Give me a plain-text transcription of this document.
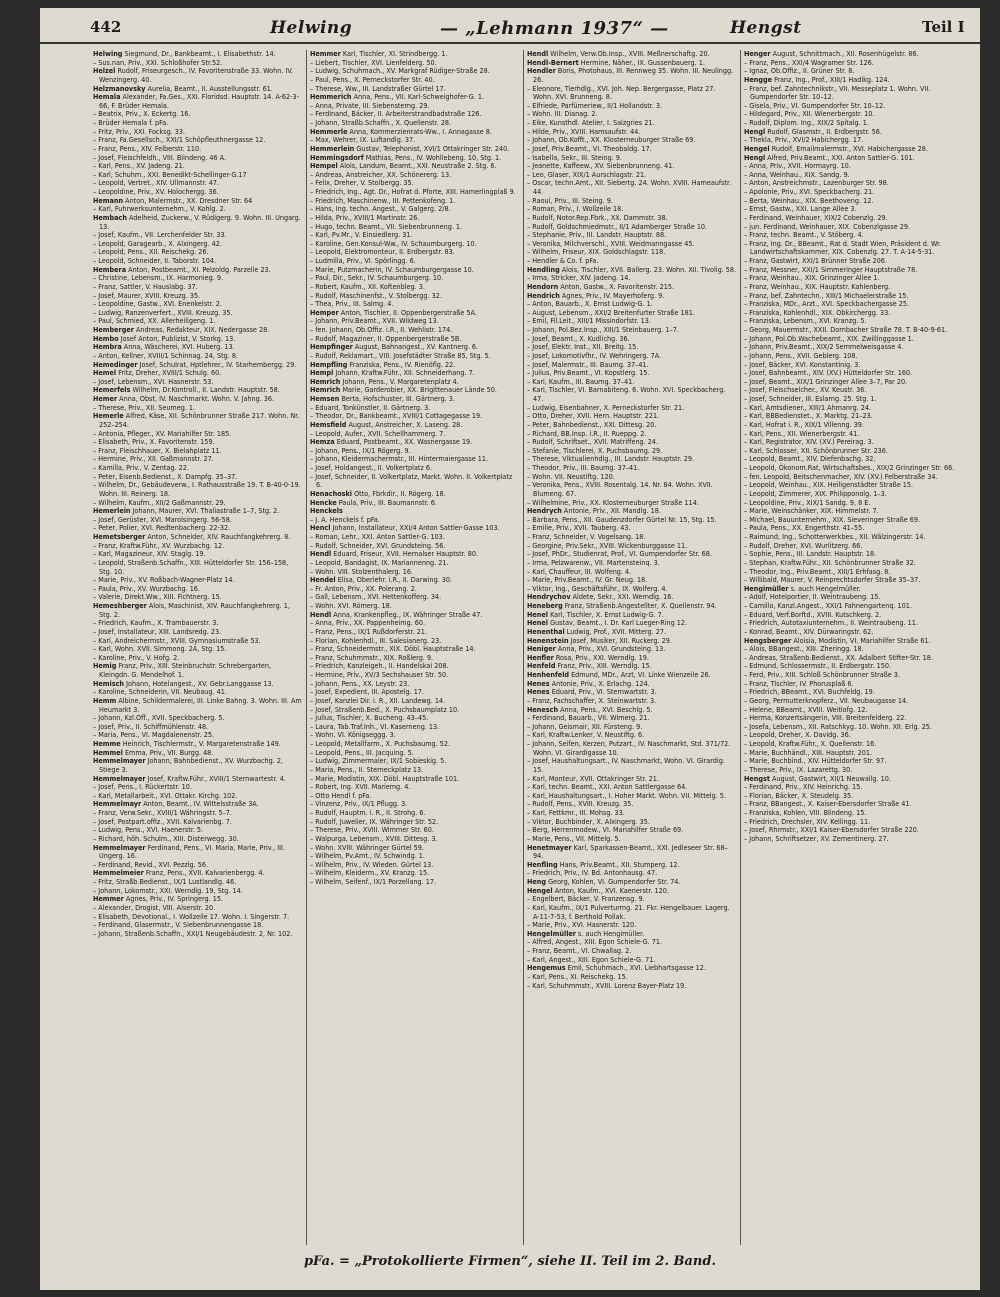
442	Helwing	— „Lehmann 1937“ —	Hengst	Teil I
Helwing Siegmund, Dr., Bankbeamt., I. Elisabethstr. 14.
– Sus.nan, Priv., XXI. Schloßhofer Str.52.
Helzel Rudolf, Friseurgesch., IV. Favoritenstraße 33. Wohn. IV. Wenzingerg. 40.
Helzmanovsky Aurelia, Beamt., II. Ausstellungsstr. 61.
Hemala Alexander, Fa.Ges., XXI. Floridsd. Hauptstr. 14. A-62-3-66, F. Brüder Hemala.
– Beatrix, Priv., X. Eckertg. 16.
– Brüder Hemala f. pFa.
– Fritz, Priv., XXI. Focksg. 33.
– Franz, Fa.Gesellsch., XXI/1 Schöpfleuthnergasse 12.
– Franz, Pens., XIV. Felberstr. 110.
– Josef, Fleischfeldh., VIII. Blindeng. 46 A.
– Karl, Pens., XV. Jadeng. 21.
– Karl, Schuhm., XXI. Benedikt-Schellinger-G.17
– Leopold, Vertret., XIV. Ullmannstr. 47.
– Leopoldine, Priv., XV. Holochergg. 36.
Hemann Anton, Malermstr., XX. Dresdner Str. 64
– Karl, Fuhrwerksunternehm., V. Kohlg. 2.
Hembach Adelheid, Zuckerw., V. Rüdigerg. 9. Wohn. III. Ungarg. 13.
– Josef, Kaufm., VII. Lerchenfelder Str. 33.
– Leopold, Garagearb., X. Alxingerg. 42.
– Leopold, Pens., XII. Reischekg. 26.
– Leopold, Schneider, II. Taborstr. 104.
Hembera Anton, Postbeamt., XI. Pelzoldg. Parzelle 23.
– Christine, Lebensm., IX. Harmonieg. 9.
– Franz, Sattler, V. Hauslabg. 37.
– Josef, Maurer, XVIII. Kreuzg. 35.
– Leopoldine, Gastw., XVI. Enenkelstr. 2.
– Ludwig, Ranzenverfert., XVIII. Kreuzg. 35.
– Paul, Schmied, XX. Allerheiligeng. 1.
Hemberger Andreas, Redakteur, XIX. Nedergasse 28.
Hembo Josef Anton, Publizist, V. Storkg. 13.
Hembra Anna, Wäscherei, XVI. Huberg. 13.
– Anton, Kellner, XVIII/1 Schinnag. 24, Stg. 8.
Hemedinger Josef, Schulrat, Hptlehrer., IV. Starhembergg. 29.
Hemel Fritz, Dreher, XVIII/1 Schulg. 60.
– Josef, Lebensm., XVI. Hasnerstr. 53.
Hemerfels Wilhelm, Dr.Kontroll., II. Landstr. Hauptstr. 58.
Hemer Anna, Obst, IV. Naschmarkt. Wohn. V. Jahng. 36.
– Therese, Priv., XII. Seumeg. 1.
Hemerle Alfred, Käse, XII. Schönbrunner Straße 217. Wohn. Nr. 252–254.
– Antonia, Pfleger., XV. Mariahilfer Str. 185.
– Elisabeth, Priv., X. Favoritenstr. 159.
– Franz, Fleischhauer, X. Bielahplatz 11.
– Hermine, Priv., XII. Gaßmannstr. 27.
– Kamilla, Priv., V. Zentag. 22.
– Peter, Eisenb.Bedienst., X. Dampfg. 35–37.
– Wilhelm, Dr., Gebäudeverw., I. Rathausstraße 19. T. B-40-0-19. Wohn. III. Reinerg. 18.
– Wilhelm, Kaufm., XII/2 Gaßmannstr. 29.
Hemerlein Johann, Maurer, XVI. Thaliastraße 1–7, Stg. 2.
– Josef, Gerüster, XVI. Marolsingerg. 56-58.
– Peter, Polier, XVI. Redtenbacherg. 22-32.
Hemetsberger Anton, Schneider, XIV. Rauchfangkehrerg. 8.
– Franz, Kraftw.Führ., XV. Wurzbachg. 12.
– Karl, Magazineur, XIV. Staglg. 19.
– Leopold, Straßenb.Schaffn., XIII. Hütteldorfer Str. 156–158, Stg. 10.
– Marie, Priv., XV. Roßbach-Wagner-Platz 14.
– Paula, Priv., XV. Wurzbachg. 16.
– Valerie, Direkt.Ww., XIII. Fichtnerg. 15.
Hemeshberger Alois, Maschinist, XIV. Rauchfangkehrerg. 1, Stg. 2.
– Friedrich, Kaufm., X. Trambauerstr. 3.
– Josef, Installateur, XIII. Landsredg. 23.
– Karl, Andreichermstr., XVIII. Gymnasiumstraße 53.
– Karl, Wohn. XVII. Simmong. 2A, Stg. 15.
– Karoline, Priv., V. Hofg. 2.
Hemig Franz, Priv., XIII. Steinbruchstr. Schrebergarten, Kleingdn. G. Mendelhof. 1.
Hemisch Johann, Hotelangest., XV. Gebr.Langgasse 13.
– Karoline, Schneiderin, VII. Neubaug. 41.
Hemm Albine, Schildermalerei, III. Linke Bahng. 3. Wohn. III. Am Heumarkt 3.
– Johann, Kzl.Off., XVII. Speckbacherg. 5.
– Josef, Priv., II. Schiffmühlenstr. 48.
– Maria, Pens., VI. Magdalenenstr. 25.
Hemme Heinrich, Tischlermstr., V. Margaretenstraße 149.
Hemmel Emma, Priv., VII. Burgg. 48.
Hemmelmayer Johann, Bahnbedienst., XV. Wurzbachg. 2, Stiege 3.
Hemmelmayer Josef, Kraftw.Führ., XVIII/1 Sternwartestr. 4.
– Josef, Pens., I. Rückertstr. 10.
– Karl, Metallarbeit., XVI. Ottakr. Kirchg. 102.
Hemmelmayr Anton, Beamt., IV. Wittelsstraße 3A.
– Franz, Verw.Sekr., XVIII/1 Währingstr. 5–7.
– Josef, Postpart.offiz., XVII. Kalvarienbg. 7.
– Ludwig, Pens., XVI. Haenerstr. 5.
– Richard, höh. Schulm., XIII. Disterwegg. 30.
Hemmelmayer Ferdinand, Pens., VI. Maria, Marie, Priv., III. Ungerg. 16.
– Ferdinand, Revid., XVI. Pezzlg. 56.
Hemmelmeier Franz, Pens., XVII. Kalvarienbergg. 4.
– Fritz, Straßb.Bedienst., IX/1 Lustlandlg. 46.
– Johann, Lokomstr., XXI. Werndlg. 19, Stg. 14.
Hemmer Agnes, Priv., IV. Springerg. 15.
– Alexander, Drogist, VIII. Alserstr. 20.
– Elisabeth, Devotional., I. Wollzeile 17. Wohn. I. Singerstr. 7.
– Ferdinand, Glasermstr., V. Siebenbrunnengasse 18.
– Johann, Straßenb.Schaffn., XXI/1 Neugebäudestr. 2, Nr. 102.
Hemmer Karl, Tischler, XI. Strindbergg. 1.
– Liebert, Tischler, XVI. Lienfelderg. 50.
– Ludwig, Schuhmach., XV. Markgraf Rüdiger-Straße 28.
– Paul, Pens., X. Perneckstorfer Str. 40.
– Therese, Ww., III. Landstraßer Gürtel 17.
Hemmerich Anna, Pens., VII. Karl-Schweighofer-G. 1.
– Anna, Private, III. Siebensterng. 29.
– Ferdinand, Bäcker, II. Arbeiterstrandbadstraße 126.
– Johann, Straßb.Schaffn., X. Quellenstr. 28.
Hemmerle Anna, Kommerzienrats-Ww., I. Annagasse 8.
– Max, Wehrer, IX. Luftandlg. 37.
Hemmerlein Gustav, Telephonist, XVI/1 Ottakringer Str. 240.
Hemmingsdorf Mathias, Pens., IV. Wohllebeng. 10, Stg. 1.
Hempel Alois, Landum, Beamt., XXI. Neustraße 2. Stg. 6.
– Andreas, Anstreicher, XX. Schönererg. 13.
– Felix, Dreher, V. Stolbergg. 35.
– Friedrich, Ing., Agt. Dr., Hofrat d. Pforte, XIII. Hamerlingplaß 9.
– Friedrich, Maschinenw., III. Pettenkofeng. 1.
– Hans, Ing. techn. Angest., V. Galgerg. 2/8.
– Hilda, Priv., XVIII/1 Martinstr. 26.
– Hugo, techn. Beamt., VII. Siebenbrunneng. 1.
– Karl, Pv.Mr., V. Einsiedlerg. 31.
– Karoline, Gen.Konsul-Ww., IV. Schaumburgerg. 10.
– Leopold, Elektromonteur, II. Erdbergstr. 83.
– Ludmilla, Priv., VI. Spörlingg. 6.
– Marie, Putzmacherin, IV. Schaumburgergasse 10.
– Paul, Dir., Sekr., IV. Schaumburgerg. 10.
– Robert, Kaufm., XII. Koftenbleg. 3.
– Rudolf, Maschinenfst., V. Stolbergg. 32.
– Thea, Priv., III. Salmg. 4.
Hemper Anton, Tischler, II. Oppenbergerstraße 5A.
– Johann, Priv.Beamt., XVII. Wildweg 13.
– fen. Johann, Ob.Offiz. i.R., II. Wehlistr. 174.
– Rudolf, Magaziner, II. Oppenbergerstraße 5B.
Hempfinger August, Bahnangest., XV. Kantnerg. 6.
– Rudolf, Reklamart., VIII. Josefstädter Straße 85, Stg. 5.
Hempfling Franziska, Pens., IV. Rienöflg. 22.
Hempl Johann, Kraftw.Führ., XII. Schneiderhang. 7.
Hemrich Johann, Pens., V. Margaretenplatz 4.
Hemrich Marie, Garderobier, XX. Brigittenauer Lände 50.
Hemsen Berta, Hofschuster, III. Gärtnerg. 3.
– Eduard, Tonkünstler, II. Gärtnerg. 3.
– Theodor, Dr., Bankbeamt., XVIII/1 Cottagegasse 19.
Hemsfield August, Anstreicher, X. Laseng. 28.
– Leopold, Aufer., XVII. Schellhammerg. 7.
Hemza Eduard, Postbeamt., XX. Wasnergasse 19.
– Johann, Pens., IX/1 Rögerg. 9.
– Johann, Kleidermachermstr., III. Hintermaiergasse 11.
– Josef, Holdangest., II. Volkertplatz 6.
– Josef, Schneider, II. Volkertplatz, Markt. Wohn. II. Volkertplatz 6.
Henachoski Otto, Fbrkdir., II. Rögerg. 18.
Hencke Paula, Priv., III. Baumannstr. 6.
Henckels
– J. A. Henckels f. pFa.
Hencl Johann, Installateur, XXI/4 Anton Sattler-Gasse 103.
– Roman, Lehr., XXI. Anton Sattler-G. 103.
– Rudolf, Schneider, XVI. Grundsteing. 56.
Hendl Eduard, Friseur, XVII. Hernalser Hauptstr. 80.
– Leopold, Bandagist, IX. Mariannenng. 21.
– Wohn. VIII. Stolzenthalerg. 16.
Hendel Elisa, Oberlehr. i.R., II. Darwing. 30.
– Fr. Anton, Priv., XX. Polerang. 2.
– Gall, Lebensm., XVI. Hettenkofferg. 34.
– Wohn. XVI. Römerg. 18.
Hendl Anna, Krankenpfleg., IX. Währinger Straße 47.
– Anna, Priv., XX. Pappenheimg. 60.
– Franz, Pens., IX/1 Rußdorferstr. 21.
– Florian, Kohlenhdl., III. Salesianerg. 23.
– Franz, Schneidermstr., XIX. Döbl. Hauptstraße 14.
– Franz, Schuhmmstr., XIX. Roßlerg. 9.
– Friedrich, Kanzleigeh., II. Handelskai 208.
– Hermine, Priv., XV/3 Sechshauser Str. 50.
– Johann, Pens., XX. Leystr. 23.
– Josef, Expedient, III. Apostelg. 17.
– Josef, Kanzlei Dir. i. R., XII. Landewg. 14.
– Josef, Straßenb.Bed., X. Puchsbaumplatz 10.
– Julius, Tischler, X. Bucheng. 43–45.
– Laura, Tab.Traf.Inh., VI. Kaserneng. 13.
– Wohn. VI. Königseggg. 3.
– Leopold, Metallfarm., X. Puchsbaumg. 52.
– Leopold, Pens., III. Jacquing. 5.
– Ludwig, Zimmermaler, IX/1 Sobieskig. 5.
– Maria, Pens., II. Sterneckplatz 13.
– Marie, Modistin, XIX. Döbl. Hauptstraße 101.
– Robert, Ing. XVII. Mariemg. 4.
– Otto Hendl f. pFa.
– Vinzenz, Priv., IX/1 Pflugg. 3.
– Rudolf, Hauptm. i. R., II. Strohg. 6.
– Rudolf, Juwelier, IX. Währinger Str. 52.
– Therese, Priv., XVIII. Wimmer Str. 60.
– Walpurga, Lebensm., XVIII. Dittesg. 3.
– Wohn. XVIII. Währinger Gürtel 59.
– Wilhelm, Pv.Amt., IV. Schwindg. 1.
– Wilhelm, Priv., IV. Wieden. Gürtel 13.
– Wilhelm, Kleiderm., XV. Kranzg. 15.
– Wilhelm, Seifenf., IX/1 Porzellang. 17.
Hendl Wilhelm, Verw.Ob.Insp., XVIII. Meßnerschaftg. 20.
Hendl-Bernert Hermine, Näher., IX. Gussenbauerg. 1.
Hendler Boris, Photohaus, III. Rennweg 35. Wohn. III. Neulingg. 26.
– Eleonore, Tierhdlg., XVI. Joh. Nep. Bergergasse, Platz 27. Wohn. XVI. Brunneng. 8.
– Elfriede, Parfümeriew., II/1 Hollandstr. 3.
– Wohn. III. Dianag. 2.
– Eike, Kunsthdl. Atelier, I. Salzgries 21.
– Hilde, Priv., XVIII. Hamsaufstr. 44.
– Johann, Ob.Kofft., XX. Klosterneuburger Straße 69.
– Josef, Priv.Beamt., VI. Theobaldg. 17.
– Isabella, Sekr., III. Steing. 9.
– Jeanette, Kaffeew., XV. Siebenbrunneng. 41.
– Leo, Glaser, XIX/1 Aurschlagstr. 21.
– Oscar, techn.Amt., XII. Siebertg. 24. Wohn. XVIII. Hameaufstr. 44.
– Raoul, Priv., III. Steing. 9.
– Roman, Priv., I. Wollzeile 18.
– Rudolf, Notor.Rep.Fbrk., XX. Dammstr. 38.
– Rudolf, Goldschmiedmstr., II/1 Adamberger Straße 10.
– Stephanie, Priv., III. Landstr. Hauptstr. 88.
– Veronika, Milchverschl., XVIII. Weidmanngasse 45.
– Wilhelm, Friseur, XIX. Goldschlagstr. 118.
– Hendler & Co. f. pFa.
Hendling Alois, Tischler, XVII. Ballerg. 23. Wohn. XII. Tivolig. 58.
– Irma, Stricker, XIV. Jadeng. 14.
Hendorn Anton, Gastw., X. Favoritenstr. 215.
Hendrich Agnes, Priv., IV. Mayerhoferg. 9.
– Anton, Bauarb., X. Ernst Ludwig-G. 1.
– August, Lebensm., XXI/2 Breitenfurter Straße 181.
– Emil, Fil.Leit., XIII/1 Missindorfstr. 13.
– Johann, Pol.Bez.Insp., XIII/1 Steinbauerg. 1–7.
– Josef, Beamt., X. Kudlichg. 36.
– Josef, Elektr. Inst., XII. Breitg. 15.
– Josef, Lokomotivfhr., IV. Wehringerg. 7A.
– Josef, Malermstr., III. Baumg. 37–41.
– Julius, Priv.Beamt., VI. Kopstlerg. 15.
– Karl, Kaufm., III. Baumg. 37–41.
– Karl, Tischler, VI. Barnabiteng. 6. Wohn. XVI. Speckbacherg. 47.
– Ludwig, Eisenbahner, X. Perneckstorfer Str. 21.
– Otto, Dreher, XVII. Hern. Hauptstr. 221.
– Peter, Bahnbedienst., XXI. Dittesg. 20.
– Richard, BB.Insp. i.R., II. Rueppg. 2.
– Rudolf, Schriftset., XVII. Matriffeng. 24.
– Stefanie, Tischlerei, X. Puchsbaumg. 29.
– Therese, Viktualienhdlg., III. Landstr. Hauptstr. 29.
– Theodor, Priv., III. Baumg. 37–41.
– Wohn. VII. Neustiftg. 120.
– Veronika, Pens., XVIII. Rosentalg. 14. Nr. 84. Wohn. XVII. Blumeng. 67.
– Wilhelmine, Priv., XX. Klosterneuburger Straße 114.
Hendrych Antonie, Priv., XII. Mandlg. 18.
– Barbara, Pens., XII. Gaudenzdorfer Gürtel Nr. 15, Stg. 15.
– Emilie, Priv., XVII. Tauberg. 43.
– Franz, Schneider, V. Vogelsang. 18.
– Georgine, Priv.Sekr., XVIII. Wickenburggasse 11.
– Josef, PhDr., Studienrat, Prof., VI. Gumpendorfer Str. 68.
– Irma, Pelzwarenw., VII. Martensteinq. 3.
– Karl, Chauffeur, III. Wolfeng. 4.
– Marie, Priv.Beamt., IV. Gr. Neug. 18.
– Viktor, Ing., Geschäftsführ., IX. Wolferg. 4.
Hendrychov Aldete, Sekr., XXI. Werndlg. 16.
Heneberg Franz, Straßenb.Angestellter, X. Quellenstr. 94.
Henel Karl, Tischler, X. Ernst Ludwig-G. 7.
Henel Gustav, Beamt., I. Dr. Karl Lueger-Ring 12.
Henenthal Ludwig, Prof., XVII. Mitterg. 27.
Henenstein Josef, Musiker, XII. Ruckerg. 29.
Heniger Anna, Priv., XVI. Grundsteing. 13.
Henfler Rosa, Priv., XXI. Werndlg. 19.
Henfeld Franz, Priv., XIII. Werndlg. 15.
Henhenfeld Edmund, MDr., Arzt, VI. Linke Wienzeile 26.
Henes Antonie, Priv., X. Erlachg. 124.
Henes Eduard, Priv., VI. Sternwartstr. 3.
– Franz, Fachschaffer, X. Steinwartstr. 3.
Henesch Anna, Pens., XVI. Beschlg. 5.
– Ferdinand, Bauarb., VII. Wimerg. 21.
– Johann, Geismair, XII. Fürsteng. 9.
– Karl, Kraftw.Lenker, V. Neustiftg. 6.
– Johann, Seifen, Kerzen, Putzart., IV. Naschmarkt, Std. 371/72. Wohn. VI. Girardigasse 10.
– Josef, Haushaltungsart., IV. Naschmarkt, Wohn. VI. Girardig. 15.
– Karl, Monteur, XVII. Ottakringer Str. 21.
– Karl, techn. Beamt., XXI. Anton Sattlergasse 64.
– Karl, Haushaltungsart., I. Hoher Markt. Wohn. VII. Mittelg. 5.
– Rudolf, Pens., XVIII. Kreuzg. 35.
– Karl, Fettkmr., III. Mohsg. 33.
– Viktor, Buchbinder, X. Alxingerg. 35.
– Berg, Herrenmodew., VI. Mariahilfer Straße 69.
– Marie, Pens., VII. Mittelg. 5.
Henetmayer Karl, Sparkassen-Beamt., XXI. Jedleseer Str. 68–94.
Henfling Hans, Priv.Beamt., XII. Stumperg. 12.
– Friedrich, Priv., IV. Bd. Antonhausg. 47.
Heng Georg, Kohlen, VI. Gumpendorfer Str. 74.
Hengel Anton, Kaufm., XVI. Kaenerstr. 120.
– Engelbert, Bäcker, V. Franzensg. 9.
– Karl, Kaufm., IX/1 Pulverturmg. 21. Fkr. Hengelbauer. Lagerg. A-11-7-53, f. Berthold Pollak.
– Marie, Priv., XVI. Hasnerstr. 120.
Hengelmüller s. auch Hengimüller.
– Alfred, Angest., XIII. Egon Schiele-G. 71.
– Franz, Beamt., VI. Chwallag. 2.
– Karl, Angest., XIII. Egon Schiele-G. 71.
Hengemus Emil, Schuhmach., XVI. Liebhartsgasse 12.
– Karl, Pens., XI. Reischekg. 15.
– Karl, Schuhmmstr., XVIII. Lorenz Bayer-Platz 19.
Henger August, Schnittmach., XII. Rosenhügelstr. 86.
– Franz, Pens., XXI/4 Wagramer Str. 126.
– Ignaz, Ob.Offiz., II. Grüner Str. 8.
Hengge Franz, Ing., Prof., XIII/1 Hadikg. 124.
– Franz, bef. Zahntechnikstr., VII. Messeplatz 1. Wohn. VII. Gumpendorfer Str. 10–12.
– Gisela, Priv., VI. Gumpendorfer Str. 10–12.
– Hildegard, Priv., XII. Wienerbergstr. 10.
– Rudolf, Diplom. Ing., XIX/2 Spitalg. 1.
Hengl Rudolf, Glasmstr., II. Erdbergstr. 56.
– Thekla, Priv., XVI/2 Habichergg. 17.
Hengel Rudolf, Emailmalermstr., XVI. Habichergasse 28.
Hengl Alfred, Priv.Beamt., XXI. Anton Sattler-G. 101.
– Anna, Priv., XVII. Hormayrg. 10.
– Anna, Weinhau., XIX. Sandg. 9.
– Anton, Anstreichmstr., Lazenburger Str. 98.
– Apolonie, Priv., XVI. Speckbacherg. 21.
– Berta, Weinhau., XIX. Beethoveng. 12.
– Ernst, Gastw., XXI. Lange Allee 3.
– Ferdinand, Weinhauer, XIX/2 Cobenzlg. 29.
– jun. Ferdinand, Weinhauer, XIX. Cobenzlgasse 29.
– Franz, techn. Beamt., V. Stöberg. 4.
– Franz, Ing. Dr., BBeamt., Rat d. Stadt Wien, Präsident d. Wr. Landwirtschaftskammer, XIX. Cobenzlg. 27. T. A-14-5-31.
– Franz, Gastwirt, XXI/1 Brünner Straße 206.
– Franz, Messner, XXI/1 Simmeringer Hauptstraße 78.
– Franz, Weinhau., XIX. Grinzinger Allee 1.
– Franz, Weinhau., XIX. Hauptstr. Kahlenberg.
– Franz, bef. Zahntechn., XIII/1 Michaelerstraße 15.
– Franziska, MDr., Arzt., XVI. Speckbachergasse 25.
– Franziska, Kohlenhdl., XIX. Obkirchergg. 33.
– Franziska, Lebensm., XVI. Kranzg. 5.
– Georg, Mauermstr., XXII. Dornbacher Straße 78. T. B-40-9-61.
– Johann, Pol.Ob.Wachebeamt., XIX. Zwillinggasse 1.
– Johann, Priv.Beamt., XIX/2 Semmelweisgasse 4.
– Johann, Pens., XVII. Geblerg. 108.
– Josef, Bäcker, XVI. Konstantinig. 3.
– Josef, Bahnbeamt., XIV. (XV.) Hütteldorfer Str. 160.
– Josef, Beamt., XIX/1 Grinzinger Allee 3–7, Par 20.
– Josef, Fleischselcher., XV. Keustr. 36.
– Josef, Schneider, III. Eslarng. 25. Stg. 1.
– Karl, Amtsdiener., XIII/1 Ahmanrg. 24.
– Karl, BBBedienstet., X. Marktg. 21–23.
– Karl, Hofrat i. R., XIX/1 Villenng. 39.
– Karl, Pens., XII. Wienerbergstr. 41.
– Karl, Registrator, XIV. (XV.) Pereirag. 3.
– Karl, Schlosser, XII. Schönbrunner Str. 236.
– Leopold, Beamt., XIV. Diefenbachg. 32.
– Leopold, Ökonom.Rat, Wirtschaftsbes., XIX/2 Grinzinger Str. 66.
– fen. Leopold, Beitschenmacher, XIV. (XV.) Felberstraße 34.
– Leopold, Weinhau., XIX. Heiligenstädter Straße 15.
– Leopold, Zimmerer, XIX. Philipponolg. 1–3.
– Leopoldine, Priv., XIX/1 Sandg. 9, 8 E.
– Marie, Weinschänker, XIX. Himmelstr. 7.
– Michael, Bauunternehm., XIX. Sieveringer Straße 69.
– Paula, Pens., XX. Engerthstr. 41–55.
– Raimund, Ing., Schotterwerkbes., XII. Wälzingerstr. 14.
– Rudolf, Dreher, XVI. Wurlitzerg. 66.
– Sophie, Pens., III. Landstr. Hauptstr. 18.
– Stephan, Kraftw.Führ., XII. Schönbrunner Straße 32.
– Theodor, Ing., Priv.Beamt., XIII/1 Erhfasg. 8.
– Willibald, Maurer, V. Reinprechtsdorfer Straße 35–37.
Hengimüller s. auch Hengelmüller.
– Adolf, Hotelportier, II. Weintraubeng. 15.
– Camillo, Kanzl.Angest., XXI/1 Fahnengartenq. 101.
– Eduard, Verf.Borftd., XVIII. Kutschkerg. 2.
– Friedrich, Autotaxiunternehm., II. Weintraubeng. 11.
– Konrad, Beamt., XIV. Dürwaringstr. 62.
Hengsberger Aloisia, Modistin, VI. Mariahilfer Straße 61.
– Alois, BBangest., XIII. Zheringg. 18.
– Andreas, Straßenb.Bedienst., XX. Adalbert Stifter-Str. 18.
– Edmund, Schlossermstr., II. Erdbergstr. 150.
– Ferd, Priv., XIII. Schloß Schönbrunner Straße 3.
– Franz, Tischler, IV. Phorusplaß 6.
– Friedrich, BBeamt., XVI. Buchfeldg. 19.
– Georg, Permutterknopferz., VII. Neubaugasse 14.
– Helene, BBeamt., XVIII. Weitlofg. 12.
– Herma, Konzertsängerin, VIII. Breitenfelderg. 22.
– Josefa, Lebensm., XII. Ratschkyg. 10. Wohn. XII. Erlg. 25.
– Leopold, Dreher, X. Davidg. 36.
– Leopold, Kraftw.Führ., X. Quellenstr. 16.
– Marie, Buchhändl., XIII. Hauptstr. 201.
– Marie, Buchbind., XIV. Hütteldorfer Str. 97.
– Therese, Priv., IX. Lazarettg. 30.
Hengst August, Gastwirt, XII/1 Neuwallg. 10.
– Ferdinand, Priv., XIV. Heinrichg. 15.
– Florian, Bäcker, X. Steudelg. 35.
– Franz, BBangest., X. Kaiser-Ebersdorfer Straße 41.
– Franziska, Kohlen, VIII. Blindeng. 15.
– Friedrich, Drechsler, XIV. Kellingg. 11.
– Josef, Rhrmstr., XXI/1 Kaiser-Ebersdorfer Straße 220.
– Johann, Schriftsetzer, XV. Zementinerg. 27.
pFa. = „Protokollierte Firmen“, siehe II. Teil im 2. Band.
